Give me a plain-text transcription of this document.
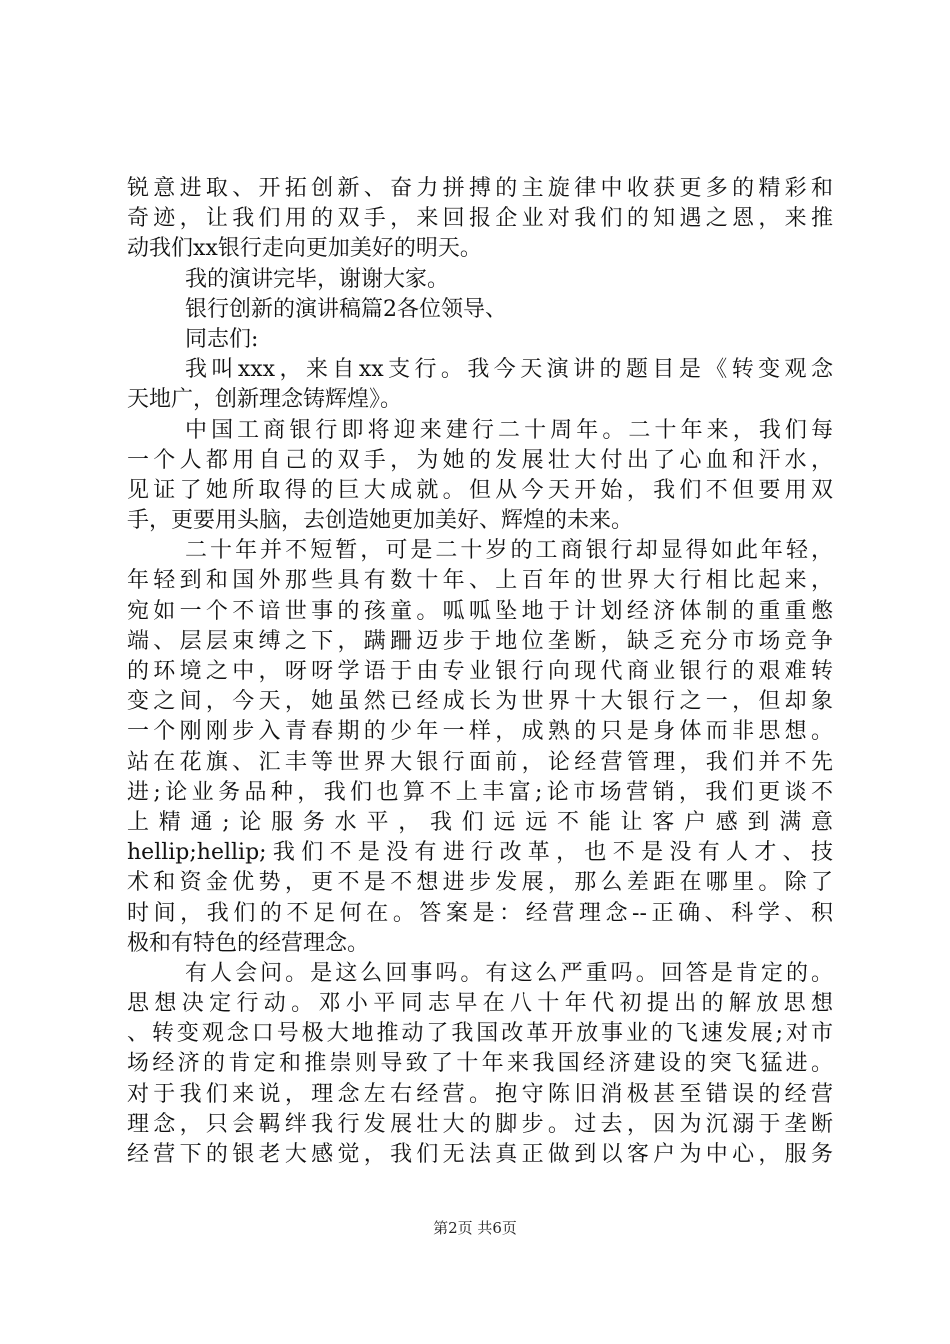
锐意进取、开拓创新、奋力拼搏的主旋律中收获更多的精彩和
奇迹，让我们用的双手，来回报企业对我们的知遇之恩，来推
动我们xx银行走向更加美好的明天。
我的演讲完毕，谢谢大家。
银行创新的演讲稿篇2各位领导、
同志们:
我叫xxx，来自xx支行。我今天演讲的题目是《转变观念
天地广，创新理念铸辉煌》。
中国工商银行即将迎来建行二十周年。二十年来，我们每
一个人都用自己的双手，为她的发展壮大付出了心血和汗水，
见证了她所取得的巨大成就。但从今天开始，我们不但要用双
手，更要用头脑，去创造她更加美好、辉煌的未来。
二十年并不短暂，可是二十岁的工商银行却显得如此年轻，
年轻到和国外那些具有数十年、上百年的世界大行相比起来，
宛如一个不谙世事的孩童。呱呱坠地于计划经济体制的重重憋
端、层层束缚之下，蹒跚迈步于地位垄断，缺乏充分市场竞争
的环境之中，呀呀学语于由专业银行向现代商业银行的艰难转
变之间，今天，她虽然已经成长为世界十大银行之一，但却象
一个刚刚步入青春期的少年一样，成熟的只是身体而非思想。
站在花旗、汇丰等世界大银行面前，论经营管理，我们并不先
进;论业务品种，我们也算不上丰富;论市场营销，我们更谈不
上精通;论服务水平，我们远远不能让客户感到满意
hellip;hellip;我们不是没有进行改革，也不是没有人才、技
术和资金优势，更不是不想进步发展，那么差距在哪里。除了
时间，我们的不足何在。答案是：经营理念--正确、科学、积
极和有特色的经营理念。
有人会问。是这么回事吗。有这么严重吗。回答是肯定的。
思想决定行动。邓小平同志早在八十年代初提出的解放思想
、转变观念口号极大地推动了我国改革开放事业的飞速发展;对市
场经济的肯定和推崇则导致了十年来我国经济建设的突飞猛进。
对于我们来说，理念左右经营。抱守陈旧消极甚至错误的经营
理念，只会羁绊我行发展壮大的脚步。过去，因为沉溺于垄断
经营下的银老大感觉，我们无法真正做到以客户为中心，服务
第2页 共6页
